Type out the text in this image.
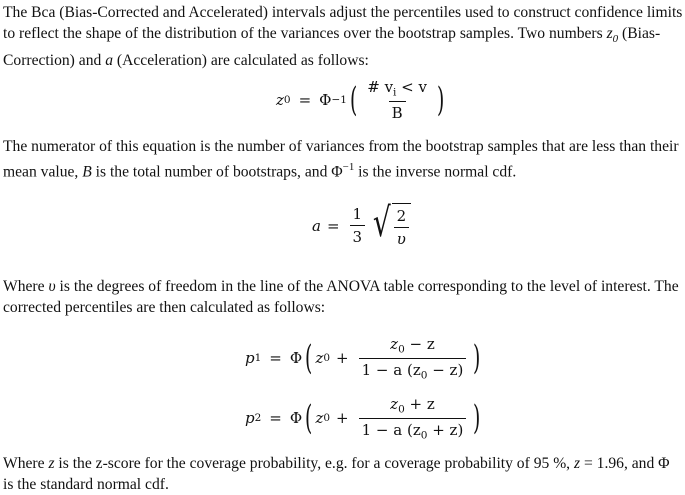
The Bca (Bias-Corrected and Accelerated) intervals adjust the percentiles used to construct confidence limits to reflect the shape of the distribution of the variances over the bootstrap samples. Two numbers $z_0$ (Bias-Correction) and a (Acceleration) are calculated as follows:

z 0 = Φ −1 ( $\frac{\# v_i < v}{B}$ )

The numerator of this equation is the number of variances from the bootstrap samples that are less than their mean value, B is the total number of bootstraps, and $\Phi^{-1}$ is the inverse normal cdf.

$a = \frac{1}{3}$ √ $\frac{2}{\upsilon}$

Where υ is the degrees of freedom in the line of the ANOVA table corresponding to the level of interest. The corrected percentiles are then calculated as follows:

p 1 = Φ ( z $0 + \frac{z_0 - z}{1 - a (z_0 - z)}$ )
p 2 = Φ ( z $0 + \frac{z_0 + z}{1 - a (z_0 + z)}$ )

Where z is the z-score for the coverage probability, e.g. for a coverage probability of 95 %, z = 1.96, and Φ is the standard normal cdf.
